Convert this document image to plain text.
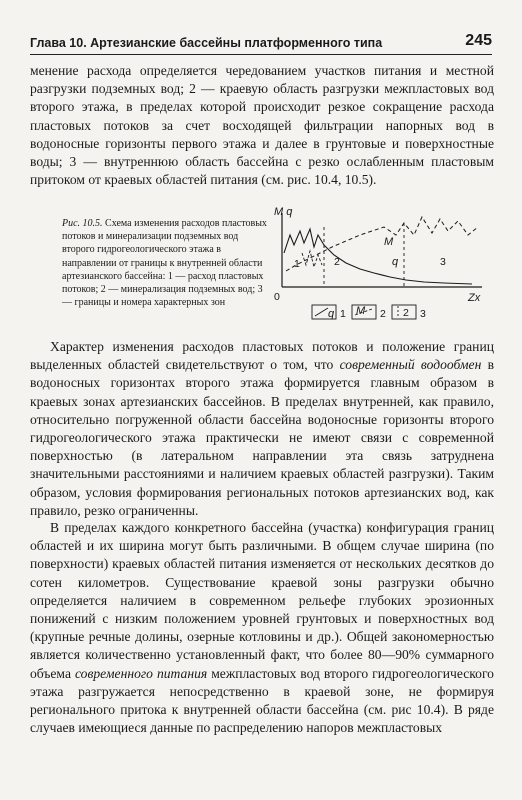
Глава 10. Артезианские бассейны платформенного типа	245

менение расхода определяется чередованием участков питания и местной разгрузки подземных вод; 2 — краевую область разгрузки межпластовых вод второго этажа, в пределах которой происходит резкое сокращение расхода пластовых потоков за счет восходящей фильтрации напорных вод в водоносные горизонты первого этажа и далее в грунтовые и поверхностные воды; 3 — внутреннюю область бассейна с резко ослабленным пластовым притоком от краевых областей питания (см. рис. 10.4, 10.5).

Рис. 10.5. Схема изменения расходов пластовых потоков и минерализации подземных вод второго гидрогеологического этажа в направлении от границы к внутренней области артезианского бассейна: 1 — расход пластовых потоков; 2 — минерализация подземных вод; 3 — границы и номера характерных зон

M q
Zx
0
M
q
1	2	3
q 1 M 2 2 3

Характер изменения расходов пластовых потоков и положение границ выделенных областей свидетельствуют о том, что современный водообмен в водоносных горизонтах второго этажа формируется главным образом в краевых зонах артезианских бассейнов. В пределах внутренней, как правило, относительно погруженной области бассейна водоносные горизонты второго гидрогеологического этажа практически не имеют связи с современной поверхностью (в латеральном направлении эта связь затруднена значительными расстояниями и наличием краевых областей разгрузки). Таким образом, условия формирования региональных потоков артезианских вод, как правило, резко ограниченны.

В пределах каждого конкретного бассейна (участка) конфигурация границ областей и их ширина могут быть различными. В общем случае ширина (по поверхности) краевых областей питания изменяется от нескольких десятков до сотен километров. Существование краевой зоны разгрузки обычно определяется наличием в современном рельефе глубоких эрозионных понижений с низким положением уровней грунтовых и поверхностных вод (крупные речные долины, озерные котловины и др.). Общей закономерностью является количественно установленный факт, что более 80—90% суммарного объема современного питания межпластовых вод второго гидрогеологического этажа разгружается непосредственно в краевой зоне, не формируя регионального притока к внутренней области бассейна (см. рис 10.4). В ряде случаев имеющиеся данные по распределению напоров межпластовых
